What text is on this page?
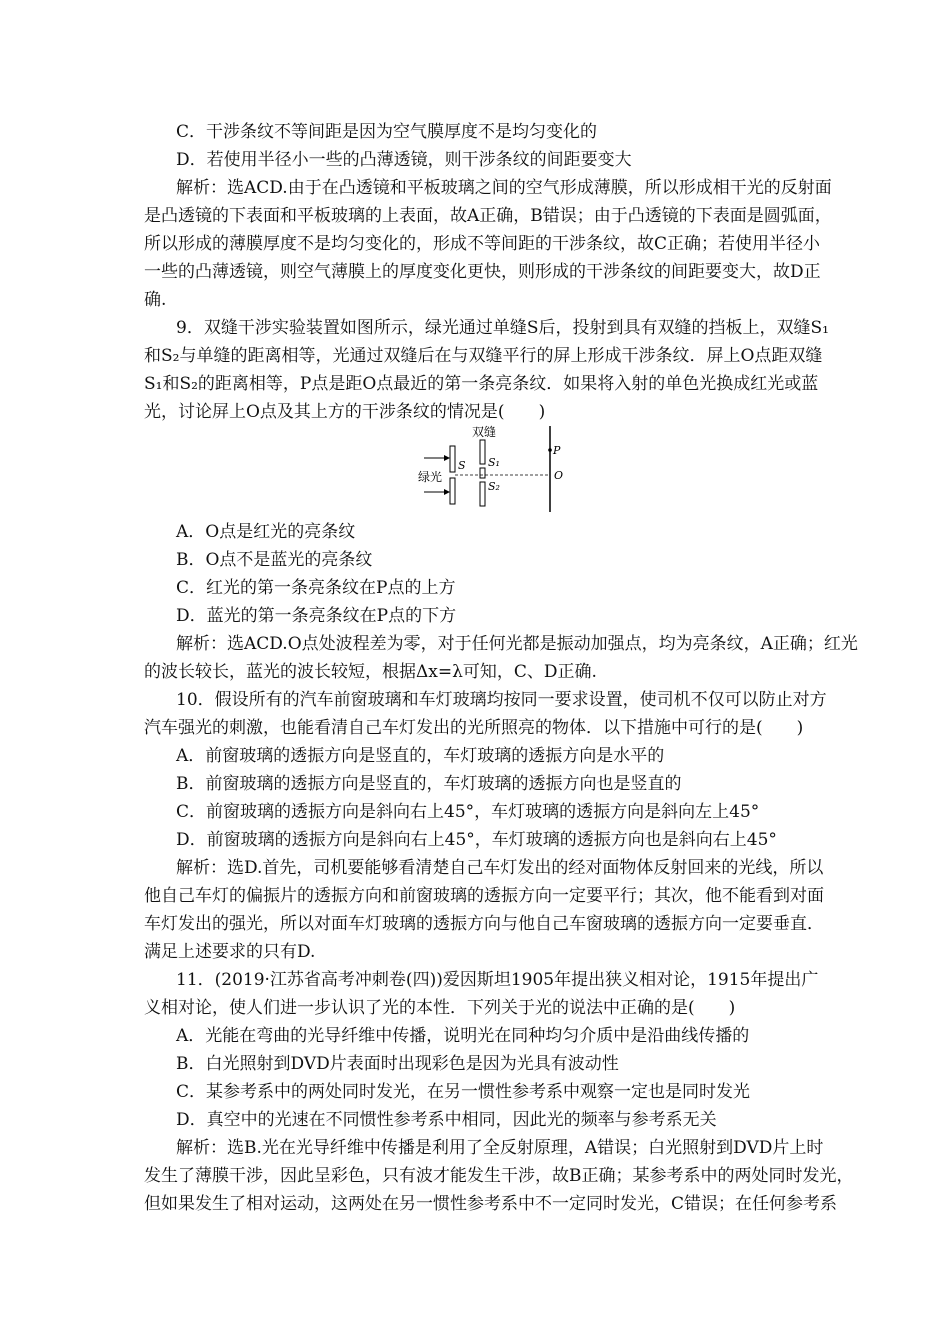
C．干涉条纹不等间距是因为空气膜厚度不是均匀变化的
D．若使用半径小一些的凸薄透镜，则干涉条纹的间距要变大
解析：选ACD.由于在凸透镜和平板玻璃之间的空气形成薄膜，所以形成相干光的反射面
是凸透镜的下表面和平板玻璃的上表面，故A正确，B错误；由于凸透镜的下表面是圆弧面，
所以形成的薄膜厚度不是均匀变化的，形成不等间距的干涉条纹，故C正确；若使用半径小
一些的凸薄透镜，则空气薄膜上的厚度变化更快，则形成的干涉条纹的间距要变大，故D正
确.
9．双缝干涉实验装置如图所示，绿光通过单缝S后，投射到具有双缝的挡板上，双缝S₁
和S₂与单缝的距离相等，光通过双缝后在与双缝平行的屏上形成干涉条纹．屏上O点距双缝
S₁和S₂的距离相等，P点是距O点最近的第一条亮条纹．如果将入射的单色光换成红光或蓝
光，讨论屏上O点及其上方的干涉条纹的情况是(　　)
双缝
绿光
S S₁
S₂
P
O
A．O点是红光的亮条纹
B．O点不是蓝光的亮条纹
C．红光的第一条亮条纹在P点的上方
D．蓝光的第一条亮条纹在P点的下方
解析：选ACD.O点处波程差为零，对于任何光都是振动加强点，均为亮条纹，A正确；红光
的波长较长，蓝光的波长较短，根据Δx=λ可知，C、D正确.
10．假设所有的汽车前窗玻璃和车灯玻璃均按同一要求设置，使司机不仅可以防止对方
汽车强光的刺激，也能看清自己车灯发出的光所照亮的物体．以下措施中可行的是(　　)
A．前窗玻璃的透振方向是竖直的，车灯玻璃的透振方向是水平的
B．前窗玻璃的透振方向是竖直的，车灯玻璃的透振方向也是竖直的
C．前窗玻璃的透振方向是斜向右上45°，车灯玻璃的透振方向是斜向左上45°
D．前窗玻璃的透振方向是斜向右上45°，车灯玻璃的透振方向也是斜向右上45°
解析：选D.首先，司机要能够看清楚自己车灯发出的经对面物体反射回来的光线，所以
他自己车灯的偏振片的透振方向和前窗玻璃的透振方向一定要平行；其次，他不能看到对面
车灯发出的强光，所以对面车灯玻璃的透振方向与他自己车窗玻璃的透振方向一定要垂直．
满足上述要求的只有D.
11．(2019·江苏省高考冲刺卷(四))爱因斯坦1905年提出狭义相对论，1915年提出广
义相对论，使人们进一步认识了光的本性．下列关于光的说法中正确的是(　　)
A．光能在弯曲的光导纤维中传播，说明光在同种均匀介质中是沿曲线传播的
B．白光照射到DVD片表面时出现彩色是因为光具有波动性
C．某参考系中的两处同时发光，在另一惯性参考系中观察一定也是同时发光
D．真空中的光速在不同惯性参考系中相同，因此光的频率与参考系无关
解析：选B.光在光导纤维中传播是利用了全反射原理，A错误；白光照射到DVD片上时
发生了薄膜干涉，因此呈彩色，只有波才能发生干涉，故B正确；某参考系中的两处同时发光，
但如果发生了相对运动，这两处在另一惯性参考系中不一定同时发光，C错误；在任何参考系
